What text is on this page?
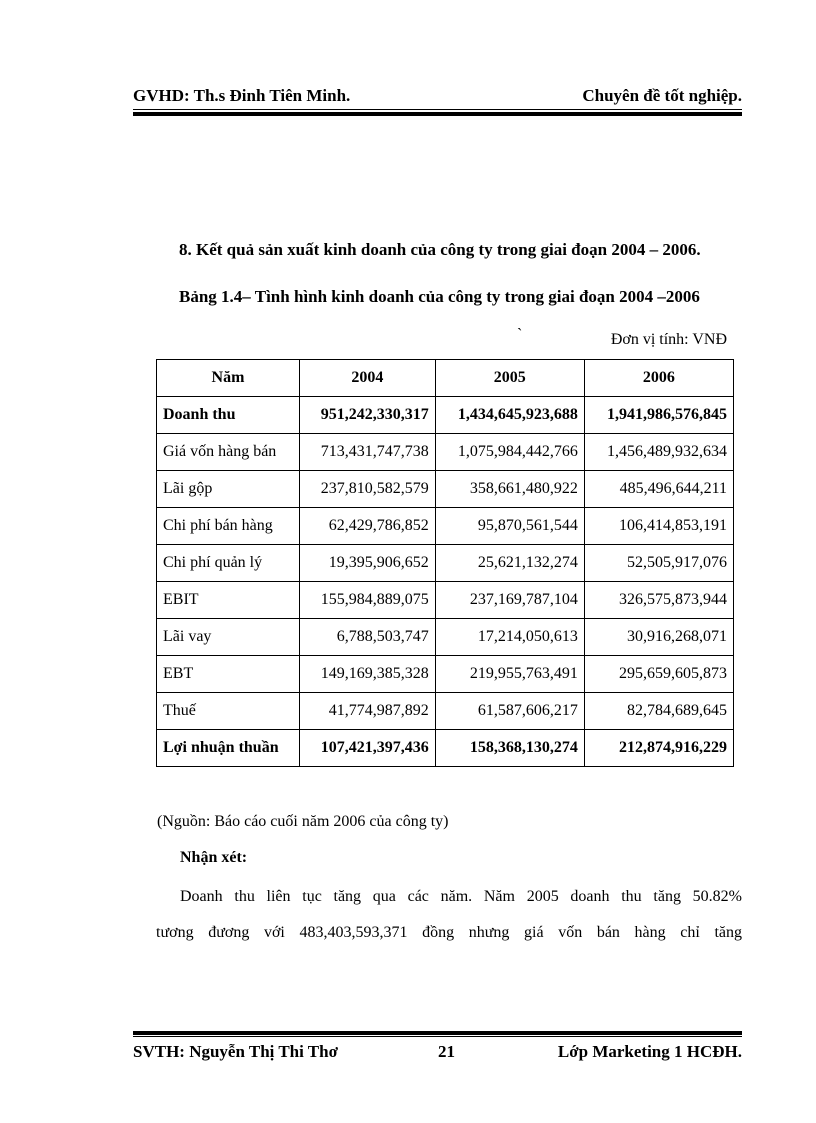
GVHD: Th.s Đinh Tiên Minh.	Chuyên đề tốt nghiệp.
8. Kết quả sản xuất kinh doanh của công ty trong giai đoạn 2004 – 2006.
Bảng 1.4– Tình hình kinh doanh của công ty trong giai đoạn 2004 –2006
`	Đơn vị tính: VNĐ
Năm	2004	2005	2006
Doanh thu	951,242,330,317	1,434,645,923,688	1,941,986,576,845
Giá vốn hàng bán	713,431,747,738	1,075,984,442,766	1,456,489,932,634
Lãi gộp	237,810,582,579	358,661,480,922	485,496,644,211
Chi phí bán hàng	62,429,786,852	95,870,561,544	106,414,853,191
Chi phí quản lý	19,395,906,652	25,621,132,274	52,505,917,076
EBIT	155,984,889,075	237,169,787,104	326,575,873,944
Lãi vay	6,788,503,747	17,214,050,613	30,916,268,071
EBT	149,169,385,328	219,955,763,491	295,659,605,873
Thuế	41,774,987,892	61,587,606,217	82,784,689,645
Lợi nhuận thuần	107,421,397,436	158,368,130,274	212,874,916,229
(Nguồn: Báo cáo cuối năm 2006 của công ty)
Nhận xét:
Doanh thu liên tục tăng qua các năm. Năm 2005 doanh thu tăng 50.82%
tương đương với 483,403,593,371 đồng nhưng giá vốn bán hàng chỉ tăng
SVTH: Nguyễn Thị Thi Thơ	21	Lớp Marketing 1 HCĐH.
